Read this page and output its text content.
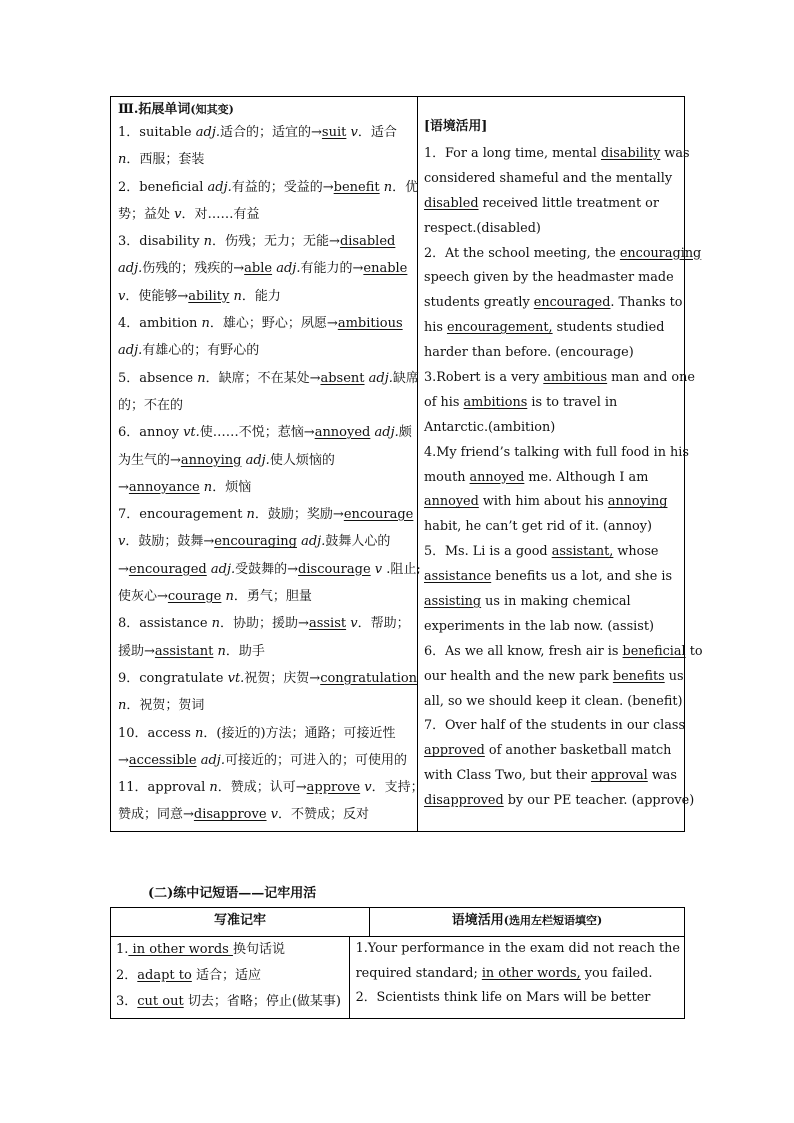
Ⅲ.拓展单词(知其变)
1．suitable adj.适合的；适宜的→suit v．适合
n．西服；套装
2．beneficial adj.有益的；受益的→benefit n．优
势；益处 v．对……有益
3．disability n．伤残；无力；无能→disabled
adj.伤残的；残疾的→able adj.有能力的→enable
v．使能够→ability n．能力
4．ambition n．雄心；野心；夙愿→ambitious
adj.有雄心的；有野心的
5．absence n．缺席；不在某处→absent adj.缺席
的；不在的
6．annoy vt.使……不悦；惹恼→annoyed adj.颇
为生气的→annoying adj.使人烦恼的
→annoyance n．烦恼
7．encouragement n．鼓励；奖励→encourage
v．鼓励；鼓舞→encouraging adj.鼓舞人心的
→encouraged adj.受鼓舞的→discourage v .阻止;
使灰心→courage n．勇气；胆量
8．assistance n．协助；援助→assist v．帮助；
援助→assistant n．助手
9．congratulate vt.祝贺；庆贺→congratulation
n．祝贺；贺词
10．access n．(接近的)方法；通路；可接近性
→accessible adj.可接近的；可进入的；可使用的
11．approval n．赞成；认可→approve v．支持；
赞成；同意→disapprove v．不赞成；反对
[语境活用]
1．For a long time, mental disability was
considered shameful and the mentally
disabled received little treatment or
respect.(disabled)
2．At the school meeting, the encouraging
speech given by the headmaster made
students greatly encouraged. Thanks to
his encouragement, students studied
harder than before. (encourage)
3.Robert is a very ambitious man and one
of his ambitions is to travel in
Antarctic.(ambition)
4.My friend’s talking with full food in his
mouth annoyed me. Although I am
annoyed with him about his annoying
habit, he can’t get rid of it. (annoy)
5．Ms. Li is a good assistant, whose
assistance benefits us a lot, and she is
assisting us in making chemical
experiments in the lab now. (assist)
6．As we all know, fresh air is beneficial to
our health and the new park benefits us
all, so we should keep it clean. (benefit)
7．Over half of the students in our class
approved of another basketball match
with Class Two, but their approval was
disapproved by our PE teacher. (approve)
(二)练中记短语——记牢用活
写准记牢	语境活用(选用左栏短语填空)
1. in other words 换句话说
2．adapt to 适合；适应
3．cut out 切去；省略；停止(做某事)
1.Your performance in the exam did not reach the
required standard; in other words, you failed.
2．Scientists think life on Mars will be better
